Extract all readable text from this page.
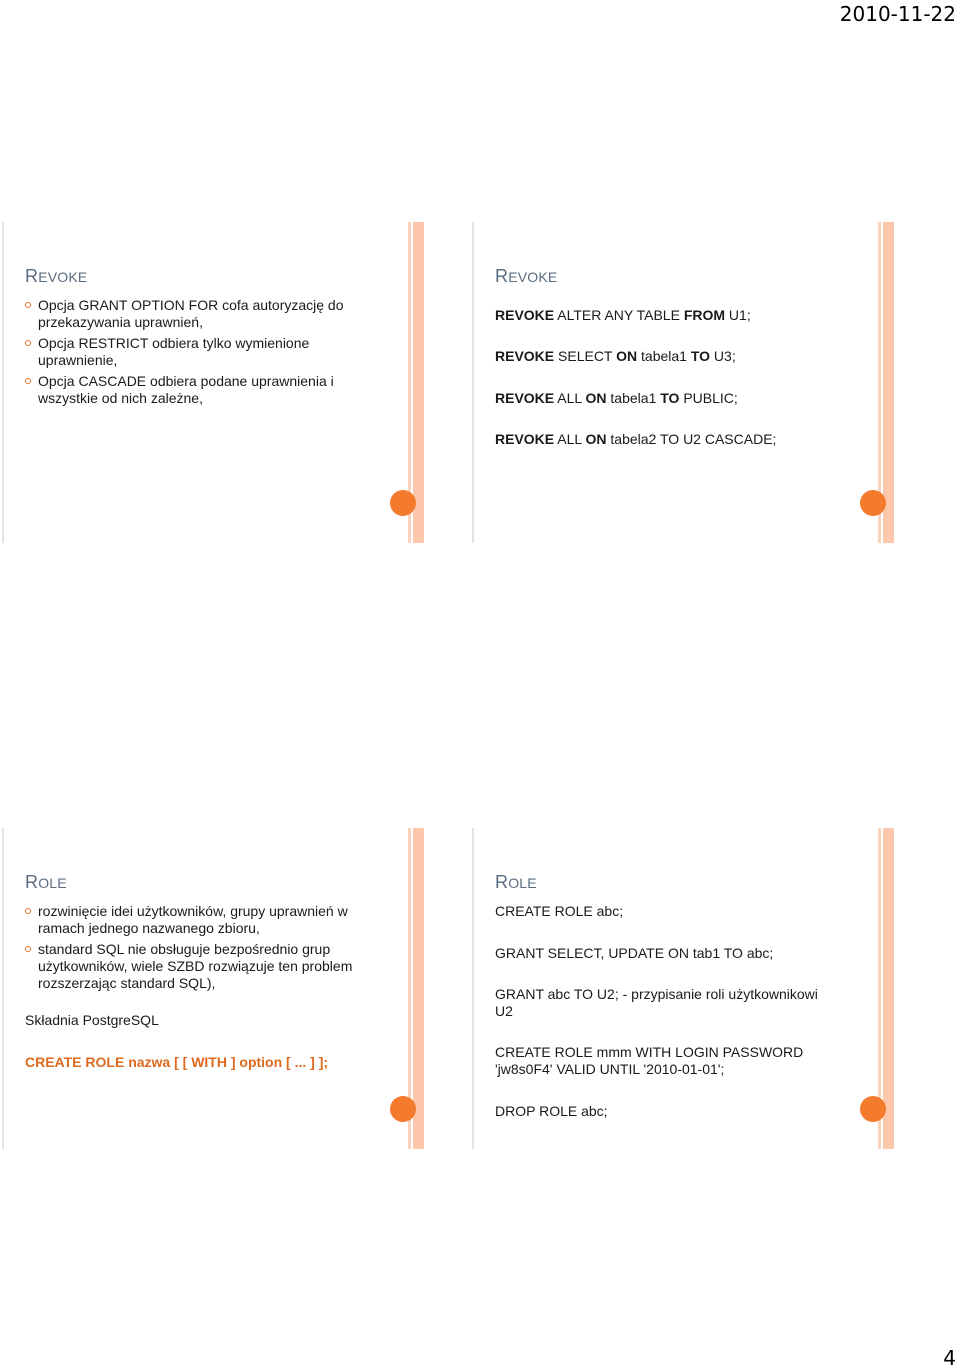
2010-11-22
REVOKE
Opcja GRANT OPTION FOR cofa autoryzację do przekazywania uprawnień,
Opcja RESTRICT odbiera tylko wymienione uprawnienie,
Opcja CASCADE odbiera podane uprawnienia i wszystkie od nich zależne,
REVOKE
REVOKE ALTER ANY TABLE FROM U1;
REVOKE SELECT ON tabela1 TO U3;
REVOKE ALL ON tabela1 TO PUBLIC;
REVOKE ALL ON tabela2 TO U2 CASCADE;
ROLE
rozwinięcie idei użytkowników, grupy uprawnień w ramach jednego nazwanego zbioru,
standard SQL nie obsługuje bezpośrednio grup użytkowników, wiele SZBD rozwiązuje ten problem rozszerzając standard SQL),
Składnia PostgreSQL
CREATE ROLE nazwa [ [ WITH ] option [ ... ] ];
ROLE
CREATE ROLE abc;
GRANT SELECT, UPDATE ON tab1 TO abc;
GRANT abc TO U2; - przypisanie roli użytkownikowi U2
CREATE ROLE mmm WITH LOGIN PASSWORD 'jw8s0F4' VALID UNTIL '2010-01-01';
DROP ROLE abc;
4
